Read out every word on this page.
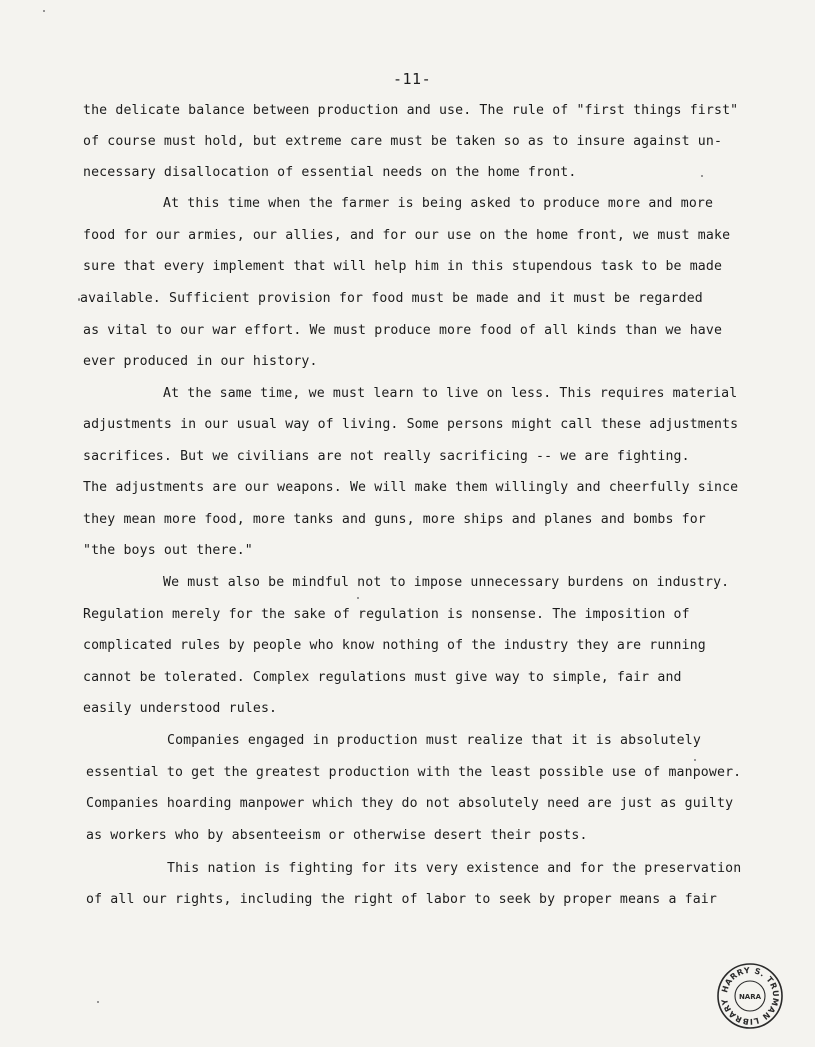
-11-
the delicate balance between production and use. The rule of "first things first"
of course must hold, but extreme care must be taken so as to insure against un-
necessary disallocation of essential needs on the home front.
At this time when the farmer is being asked to produce more and more
food for our armies, our allies, and for our use on the home front, we must make
sure that every implement that will help him in this stupendous task to be made
available. Sufficient provision for food must be made and it must be regarded
as vital to our war effort. We must produce more food of all kinds than we have
ever produced in our history.
At the same time, we must learn to live on less. This requires material
adjustments in our usual way of living. Some persons might call these adjustments
sacrifices. But we civilians are not really sacrificing -- we are fighting.
The adjustments are our weapons. We will make them willingly and cheerfully since
they mean more food, more tanks and guns, more ships and planes and bombs for
"the boys out there."
We must also be mindful not to impose unnecessary burdens on industry.
Regulation merely for the sake of regulation is nonsense. The imposition of
complicated rules by people who know nothing of the industry they are running
cannot be tolerated. Complex regulations must give way to simple, fair and
easily understood rules.
Companies engaged in production must realize that it is absolutely
essential to get the greatest production with the least possible use of manpower.
Companies hoarding manpower which they do not absolutely need are just as guilty
as workers who by absenteeism or otherwise desert their posts.
This nation is fighting for its very existence and for the preservation
of all our rights, including the right of labor to seek by proper means a fair
HARRY S. TRUMAN LIBRARY
NARA
